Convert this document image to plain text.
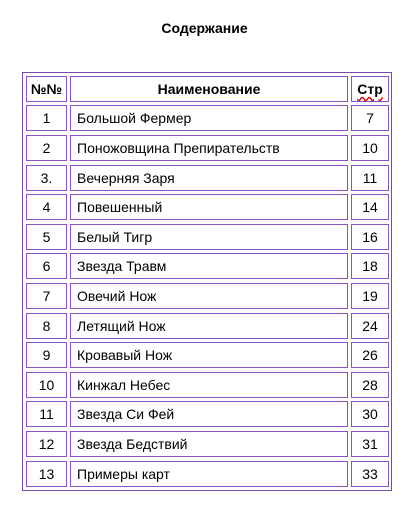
Содержание
№№	Наименование	Стр
1	Большой Фермер	7
2	Поножовщина Препирательств	10
3.	Вечерняя Заря	11
4	Повешенный	14
5	Белый Тигр	16
6	Звезда Травм	18
7	Овечий Нож	19
8	Летящий Нож	24
9	Кровавый Нож	26
10	Кинжал Небес	28
11	Звезда Си Фей	30
12	Звезда Бедствий	31
13	Примеры карт	33
